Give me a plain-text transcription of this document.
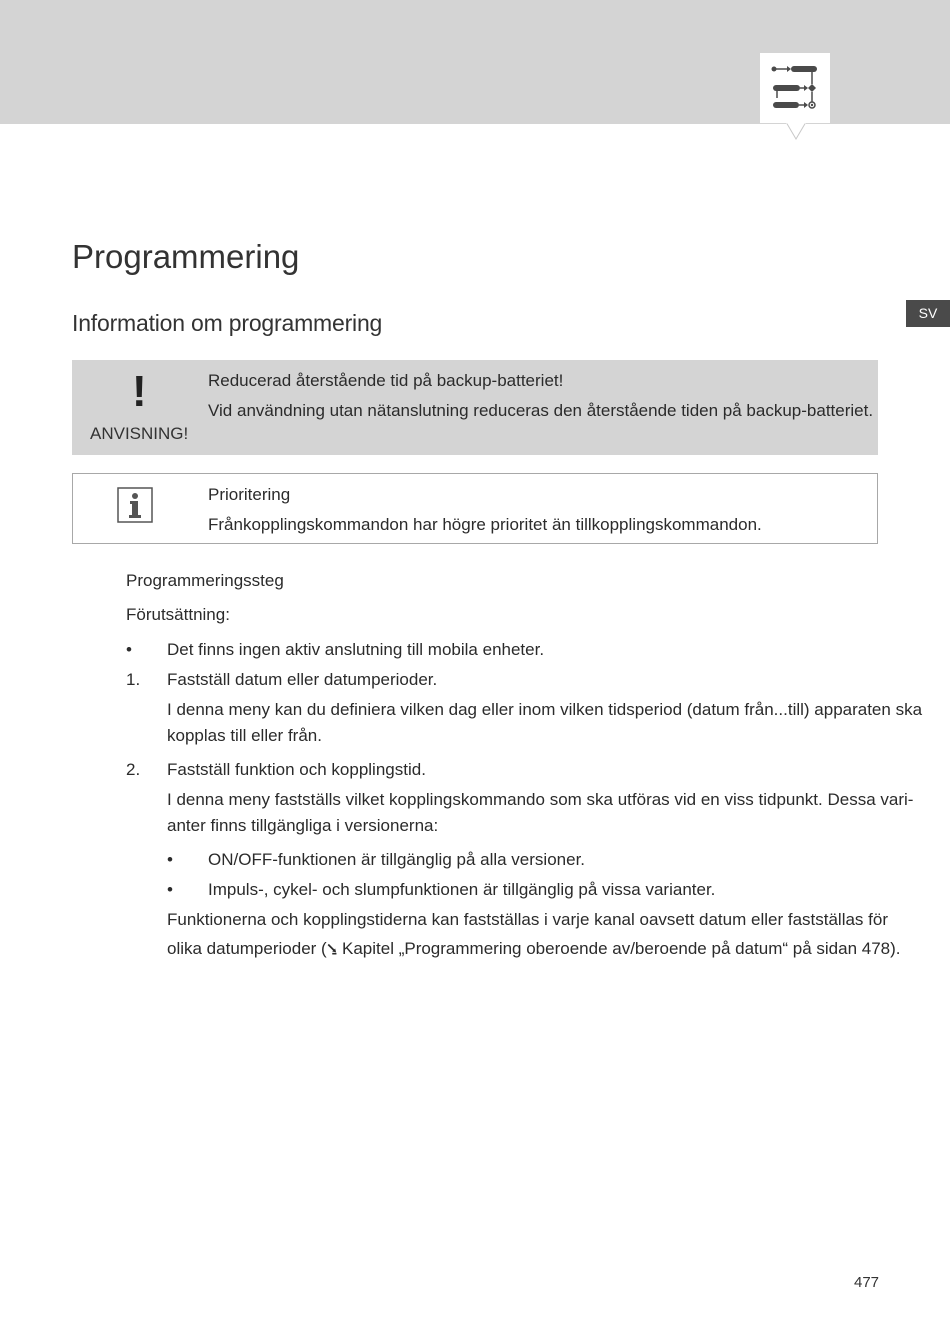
SV
Programmering
Information om programmering
!
ANVISNING!
Reducerad återstående tid på backup-batteriet!
Vid användning utan nätanslutning reduceras den återstående tiden på backup-batteriet.
Prioritering
Frånkopplingskommandon har högre prioritet än tillkopplingskommandon.
Programmeringssteg
Förutsättning:
• Det finns ingen aktiv anslutning till mobila enheter.
1. Fastställ datum eller datumperioder.
I denna meny kan du definiera vilken dag eller inom vilken tidsperiod (datum från...till) apparaten ska
kopplas till eller från.
2. Fastställ funktion och kopplingstid.
I denna meny fastställs vilket kopplingskommando som ska utföras vid en viss tidpunkt. Dessa vari-
anter finns tillgängliga i versionerna:
• ON/OFF-funktionen är tillgänglig på alla versioner.
• Impuls-, cykel- och slumpfunktionen är tillgänglig på vissa varianter.
Funktionerna och kopplingstiderna kan fastställas i varje kanal oavsett datum eller fastställas för
olika datumperioder (⭸ Kapitel „Programmering oberoende av/beroende på datum“ på sidan 478).
477
